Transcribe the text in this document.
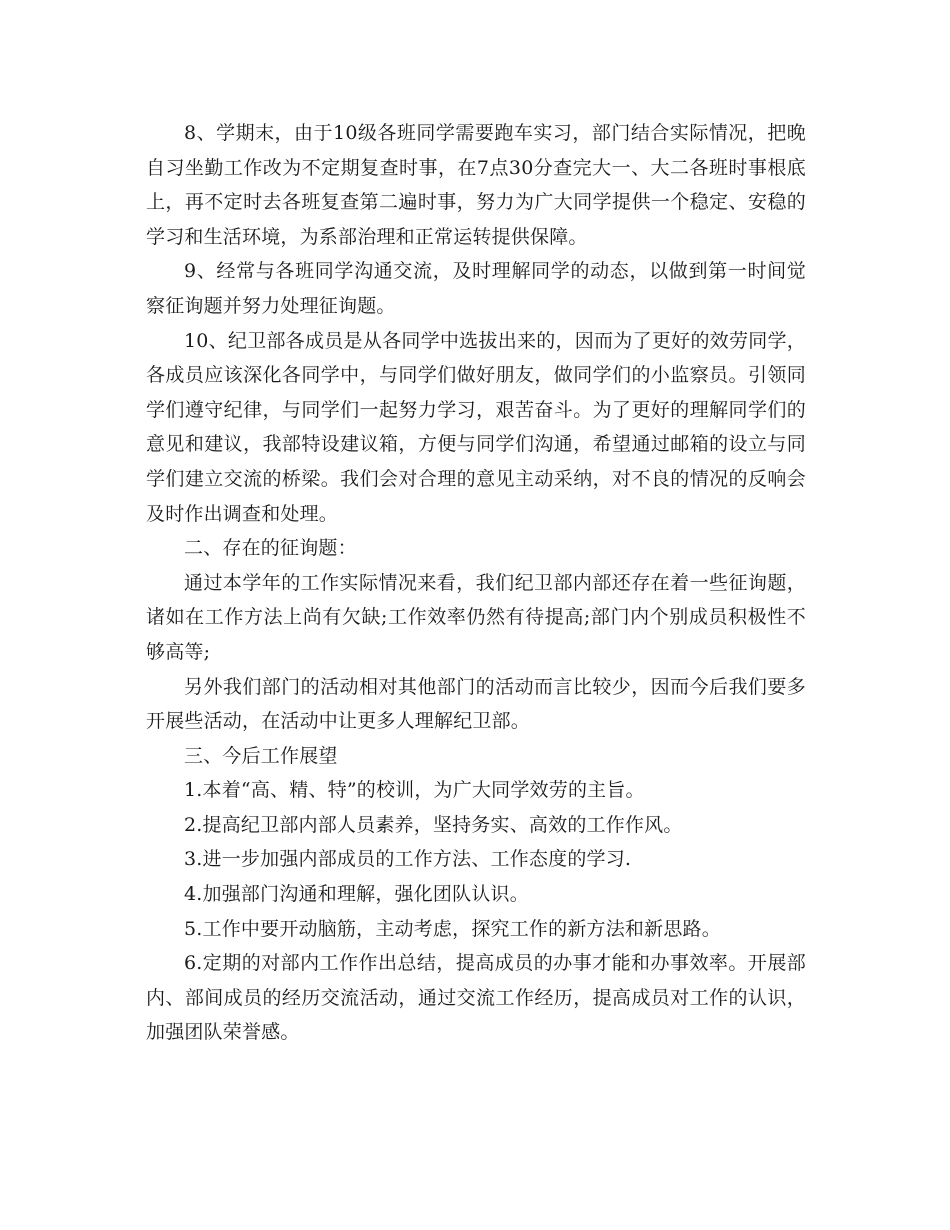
8、学期末，由于10级各班同学需要跑车实习，部门结合实际情况，把晚自习坐勤工作改为不定期复查时事，在7点30分查完大一、大二各班时事根底上，再不定时去各班复查第二遍时事，努力为广大同学提供一个稳定、安稳的学习和生活环境，为系部治理和正常运转提供保障。

9、经常与各班同学沟通交流，及时理解同学的动态，以做到第一时间觉察征询题并努力处理征询题。

10、纪卫部各成员是从各同学中选拔出来的，因而为了更好的效劳同学，各成员应该深化各同学中，与同学们做好朋友，做同学们的小监察员。引领同学们遵守纪律，与同学们一起努力学习，艰苦奋斗。为了更好的理解同学们的意见和建议，我部特设建议箱，方便与同学们沟通，希望通过邮箱的设立与同学们建立交流的桥梁。我们会对合理的意见主动采纳，对不良的情况的反响会及时作出调查和处理。

二、存在的征询题：

通过本学年的工作实际情况来看，我们纪卫部内部还存在着一些征询题，诸如在工作方法上尚有欠缺;工作效率仍然有待提高;部门内个别成员积极性不够高等;

另外我们部门的活动相对其他部门的活动而言比较少，因而今后我们要多开展些活动，在活动中让更多人理解纪卫部。

三、今后工作展望

1.本着“高、精、特”的校训，为广大同学效劳的主旨。

2.提高纪卫部内部人员素养，坚持务实、高效的工作作风。

3.进一步加强内部成员的工作方法、工作态度的学习.

4.加强部门沟通和理解，强化团队认识。

5.工作中要开动脑筋，主动考虑，探究工作的新方法和新思路。

6.定期的对部内工作作出总结，提高成员的办事才能和办事效率。开展部内、部间成员的经历交流活动，通过交流工作经历，提高成员对工作的认识，加强团队荣誉感。
